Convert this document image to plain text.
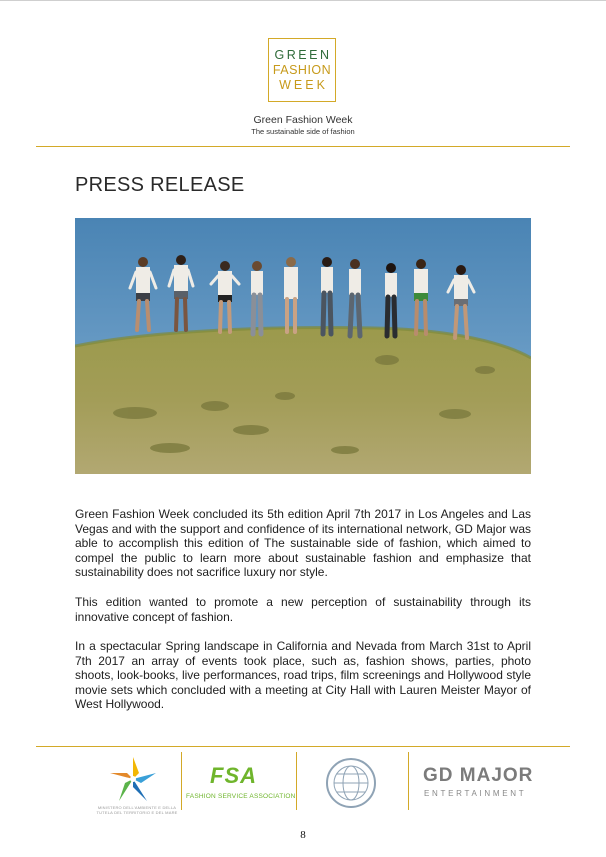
GREEN
FASHION
WEEK
Green Fashion Week
The sustainable side of fashion
PRESS RELEASE

Green Fashion Week concluded its 5th edition April 7th 2017 in Los Angeles and Las Vegas and with the support and confidence of its international network, GD Major was able to accomplish this edition of The sustainable side of fashion, which aimed to compel the public to learn more about sustainable fashion and emphasize that sustainability does not sacrifice luxury nor style.

This edition wanted to promote a new perception of sustainability through its innovative concept of fashion.

In a spectacular Spring landscape in California and Nevada from March 31st to April 7th 2017 an array of events took place, such as, fashion shows, parties, photo shoots, look-books, live performances, road trips, film screenings and Hollywood style movie sets which concluded with a meeting at City Hall with Lauren Meister Mayor of West Hollywood.

MINISTERO DELL'AMBIENTE E DELLA TUTELA DEL TERRITORIO E DEL MARE
FSA
FASHION SERVICE ASSOCIATION
GD MAJOR
ENTERTAINMENT
8
